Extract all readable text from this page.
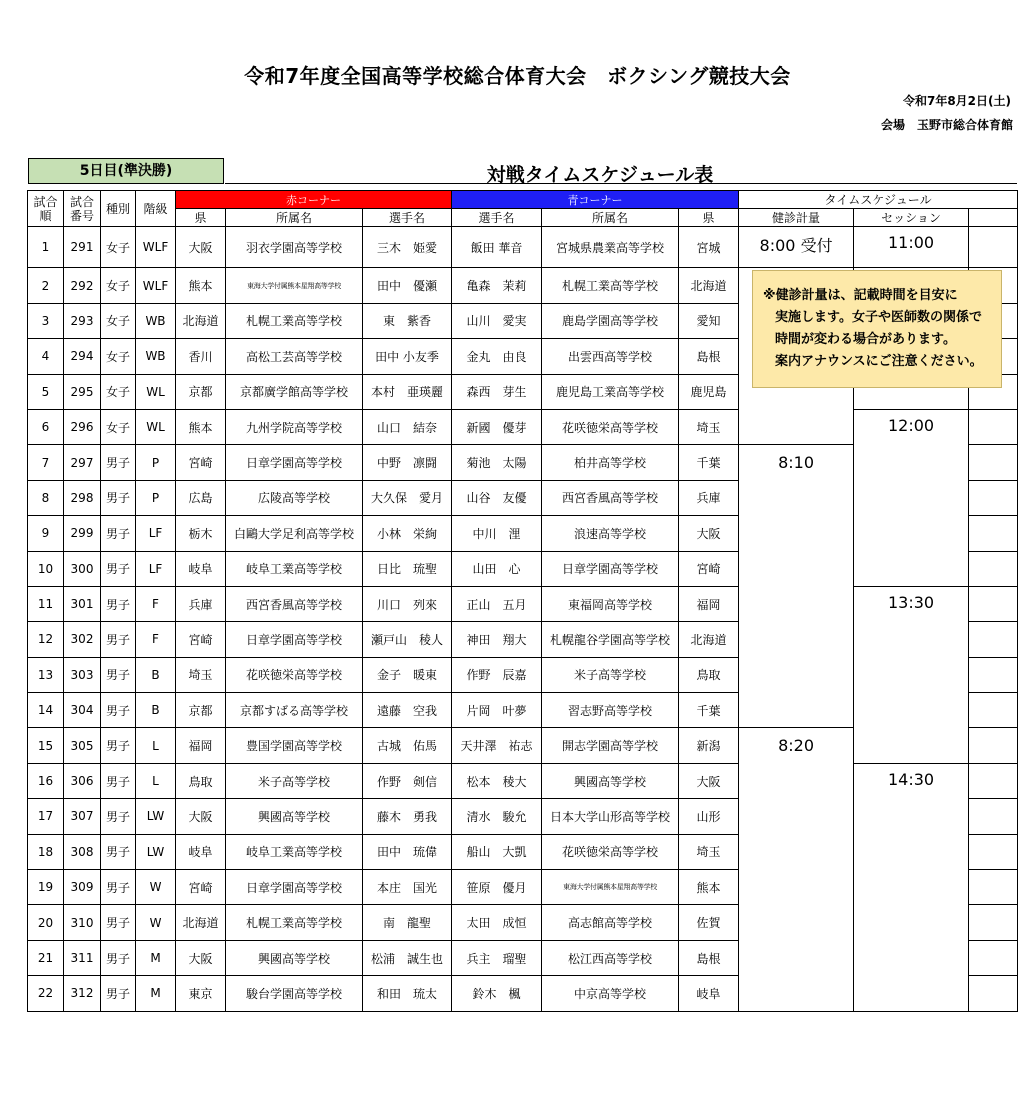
令和7年度全国高等学校総合体育大会　ボクシング競技大会
令和7年8月2日(土)
会場　玉野市総合体育館
5日目(準決勝)	対戦タイムスケジュール表
試合
順	試合
番号	種別	階級	赤コーナー			青コーナー			タイムスケジュール		
				県	所属名	選手名	選手名	所属名	県	健診計量	セッション	
1	291	女子	WLF	大阪	羽衣学園高等学校	三木　姫愛	飯田 華音	宮城県農業高等学校	宮城	8:00 受付	11:00	
2	292	女子	WLF	熊本	東海大学付属熊本星翔高等学校	田中　優瀬	亀森　茉莉	札幌工業高等学校	北海道			
3	293	女子	WB	北海道	札幌工業高等学校	東　紫香	山川　愛実	鹿島学園高等学校	愛知			
4	294	女子	WB	香川	高松工芸高等学校	田中 小友季	金丸　由良	出雲西高等学校	島根			
5	295	女子	WL	京都	京都廣学館高等学校	本村　亜瑛麗	森西　芽生	鹿児島工業高等学校	鹿児島			
6	296	女子	WL	熊本	九州学院高等学校	山口　結奈	新國　優芽	花咲徳栄高等学校	埼玉		12:00	
7	297	男子	P	宮崎	日章学園高等学校	中野　凛闘	菊池　太陽	柏井高等学校	千葉	8:10		
8	298	男子	P	広島	広陵高等学校	大久保　愛月	山谷　友優	西宮香風高等学校	兵庫			
9	299	男子	LF	栃木	白鷗大学足利高等学校	小林　栄絢	中川　浬	浪速高等学校	大阪			
10	300	男子	LF	岐阜	岐阜工業高等学校	日比　琉聖	山田　心	日章学園高等学校	宮崎			
11	301	男子	F	兵庫	西宮香風高等学校	川口　列來	正山　五月	東福岡高等学校	福岡		13:30	
12	302	男子	F	宮崎	日章学園高等学校	瀬戸山　稜人	神田　翔大	札幌龍谷学園高等学校	北海道			
13	303	男子	B	埼玉	花咲徳栄高等学校	金子　暖東	作野　辰嘉	米子高等学校	鳥取			
14	304	男子	B	京都	京都すばる高等学校	遠藤　空我	片岡　叶夢	習志野高等学校	千葉			
15	305	男子	L	福岡	豊国学園高等学校	古城　佑馬	天井澤　祐志	開志学園高等学校	新潟	8:20		
16	306	男子	L	鳥取	米子高等学校	作野　剣信	松本　稜大	興國高等学校	大阪		14:30	
17	307	男子	LW	大阪	興國高等学校	藤木　勇我	清水　駿允	日本大学山形高等学校	山形			
18	308	男子	LW	岐阜	岐阜工業高等学校	田中　琉偉	船山　大凱	花咲徳栄高等学校	埼玉			
19	309	男子	W	宮崎	日章学園高等学校	本庄　国光	笹原　優月	東海大学付属熊本星翔高等学校	熊本			
20	310	男子	W	北海道	札幌工業高等学校	南　龍聖	太田　成恒	高志館高等学校	佐賀			
21	311	男子	M	大阪	興國高等学校	松浦　誠生也	兵主　瑠聖	松江西高等学校	島根			
22	312	男子	M	東京	駿台学園高等学校	和田　琉太	鈴木　楓	中京高等学校	岐阜			
※健診計量は、記載時間を目安に
実施します。女子や医師数の関係で
時間が変わる場合があります。
案内アナウンスにご注意ください。
